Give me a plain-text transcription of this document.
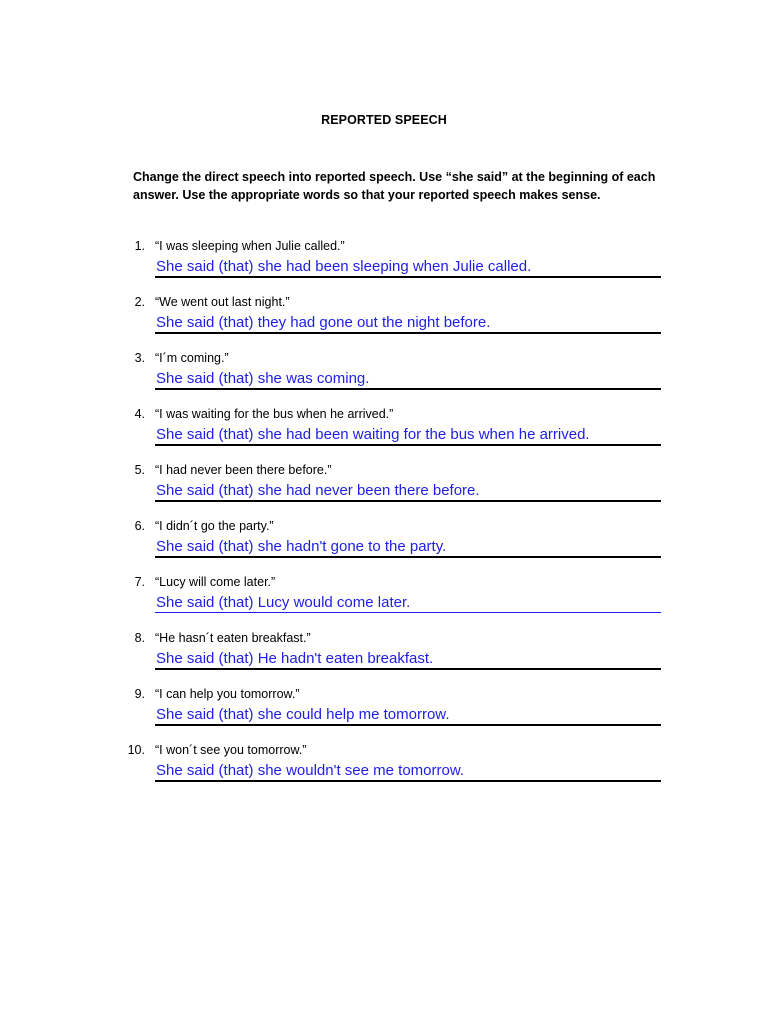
REPORTED SPEECH
Change the direct speech into reported speech. Use “she said” at the beginning of each answer. Use the appropriate words so that your reported speech makes sense.
1. “I was sleeping when Julie called.”
She said (that) she had been sleeping when Julie called.
2. “We went out last night.”
She said (that) they had gone out the night before.
3. “I´m coming.”
She said (that) she was coming.
4. “I was waiting for the bus when he arrived.”
She said (that) she had been waiting for the bus when he arrived.
5. “I had never been there before.”
She said (that) she had never been there before.
6. “I didn´t go the party.”
She said (that) she hadn't gone to the party.
7. “Lucy will come later.”
She said (that) Lucy would come later.
8. “He hasn´t eaten breakfast.”
She said (that) He hadn't eaten breakfast.
9. “I can help you tomorrow.”
She said (that) she could help me tomorrow.
10. “I won´t see you tomorrow.”
She said (that) she wouldn't see me tomorrow.
